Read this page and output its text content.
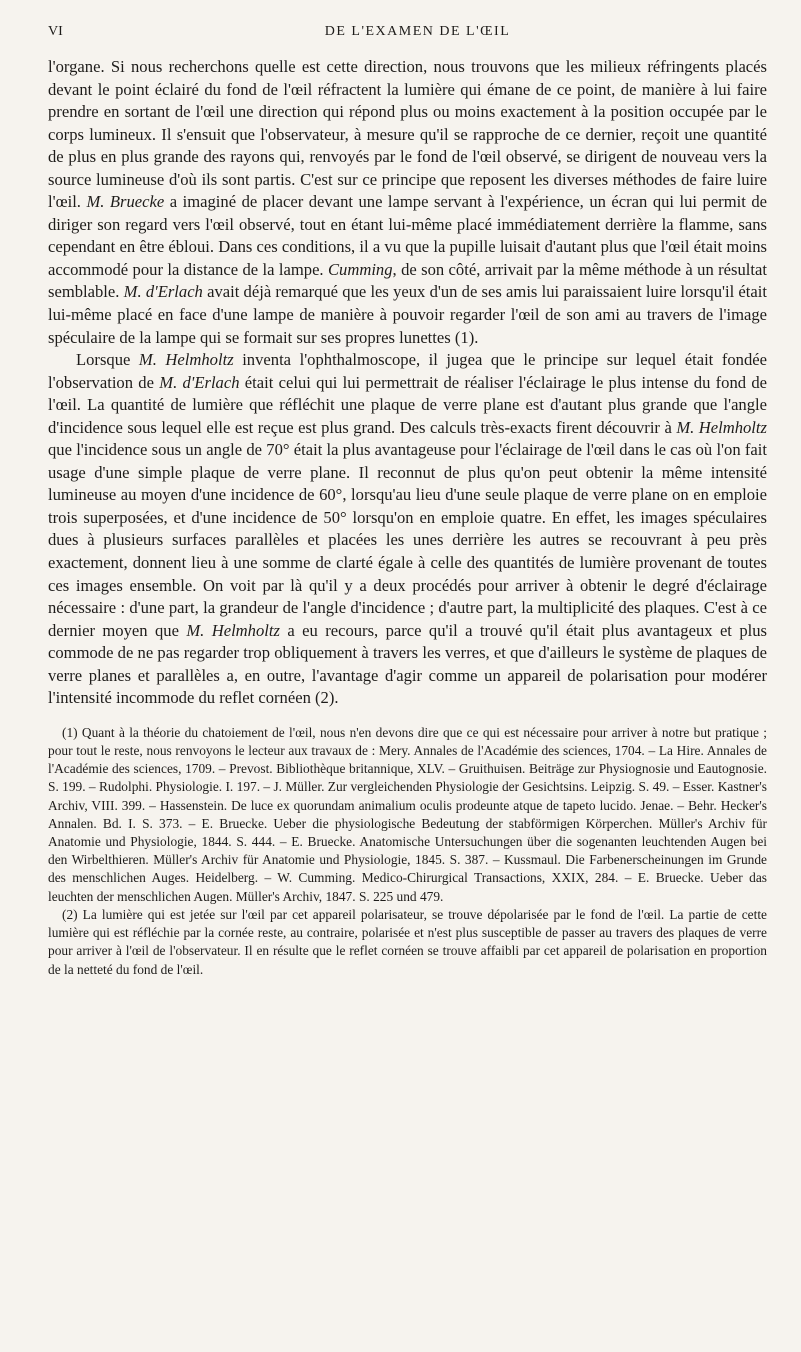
VI	DE L'EXAMEN DE L'ŒIL

l'organe. Si nous recherchons quelle est cette direction, nous trouvons que les milieux réfringents placés devant le point éclairé du fond de l'œil réfractent la lumière qui émane de ce point, de manière à lui faire prendre en sortant de l'œil une direction qui répond plus ou moins exactement à la position occupée par le corps lumineux. Il s'ensuit que l'observateur, à mesure qu'il se rapproche de ce dernier, reçoit une quantité de plus en plus grande des rayons qui, renvoyés par le fond de l'œil observé, se dirigent de nouveau vers la source lumineuse d'où ils sont partis. C'est sur ce principe que reposent les diverses méthodes de faire luire l'œil. M. Bruecke a imaginé de placer devant une lampe servant à l'expérience, un écran qui lui permit de diriger son regard vers l'œil observé, tout en étant lui-même placé immédiatement derrière la flamme, sans cependant en être ébloui. Dans ces conditions, il a vu que la pupille luisait d'autant plus que l'œil était moins accommodé pour la distance de la lampe. Cumming, de son côté, arrivait par la même méthode à un résultat semblable. M. d'Erlach avait déjà remarqué que les yeux d'un de ses amis lui paraissaient luire lorsqu'il était lui-même placé en face d'une lampe de manière à pouvoir regarder l'œil de son ami au travers de l'image spéculaire de la lampe qui se formait sur ses propres lunettes (1).

Lorsque M. Helmholtz inventa l'ophthalmoscope, il jugea que le principe sur lequel était fondée l'observation de M. d'Erlach était celui qui lui permettrait de réaliser l'éclairage le plus intense du fond de l'œil. La quantité de lumière que réfléchit une plaque de verre plane est d'autant plus grande que l'angle d'incidence sous lequel elle est reçue est plus grand. Des calculs très-exacts firent découvrir à M. Helmholtz que l'incidence sous un angle de 70° était la plus avantageuse pour l'éclairage de l'œil dans le cas où l'on fait usage d'une simple plaque de verre plane. Il reconnut de plus qu'on peut obtenir la même intensité lumineuse au moyen d'une incidence de 60°, lorsqu'au lieu d'une seule plaque de verre plane on en emploie trois superposées, et d'une incidence de 50° lorsqu'on en emploie quatre. En effet, les images spéculaires dues à plusieurs surfaces parallèles et placées les unes derrière les autres se recouvrant à peu près exactement, donnent lieu à une somme de clarté égale à celle des quantités de lumière provenant de toutes ces images ensemble. On voit par là qu'il y a deux procédés pour arriver à obtenir le degré d'éclairage nécessaire : d'une part, la grandeur de l'angle d'incidence ; d'autre part, la multiplicité des plaques. C'est à ce dernier moyen que M. Helmholtz a eu recours, parce qu'il a trouvé qu'il était plus avantageux et plus commode de ne pas regarder trop obliquement à travers les verres, et que d'ailleurs le système de plaques de verre planes et parallèles a, en outre, l'avantage d'agir comme un appareil de polarisation pour modérer l'intensité incommode du reflet cornéen (2).

(1) Quant à la théorie du chatoiement de l'œil, nous n'en devons dire que ce qui est nécessaire pour arriver à notre but pratique ; pour tout le reste, nous renvoyons le lecteur aux travaux de : Mery. Annales de l'Académie des sciences, 1704. – La Hire. Annales de l'Académie des sciences, 1709. – Prevost. Bibliothèque britannique, XLV. – Gruithuisen. Beiträge zur Physiognosie und Eautognosie. S. 199. – Rudolphi. Physiologie. I. 197. – J. Müller. Zur vergleichenden Physiologie der Gesichtsins. Leipzig. S. 49. – Esser. Kastner's Archiv, VIII. 399. – Hassenstein. De luce ex quorundam animalium oculis prodeunte atque de tapeto lucido. Jenae. – Behr. Hecker's Annalen. Bd. I. S. 373. – E. Bruecke. Ueber die physiologische Bedeutung der stabförmigen Körperchen. Müller's Archiv für Anatomie und Physiologie, 1844. S. 444. – E. Bruecke. Anatomische Untersuchungen über die sogenanten leuchtenden Augen bei den Wirbelthieren. Müller's Archiv für Anatomie und Physiologie, 1845. S. 387. – Kussmaul. Die Farbenerscheinungen im Grunde des menschlichen Auges. Heidelberg. – W. Cumming. Medico-Chirurgical Transactions, XXIX, 284. – E. Bruecke. Ueber das leuchten der menschlichen Augen. Müller's Archiv, 1847. S. 225 und 479.

(2) La lumière qui est jetée sur l'œil par cet appareil polarisateur, se trouve dépolarisée par le fond de l'œil. La partie de cette lumière qui est réfléchie par la cornée reste, au contraire, polarisée et n'est plus susceptible de passer au travers des plaques de verre pour arriver à l'œil de l'observateur. Il en résulte que le reflet cornéen se trouve affaibli par cet appareil de polarisation en proportion de la netteté du fond de l'œil.
